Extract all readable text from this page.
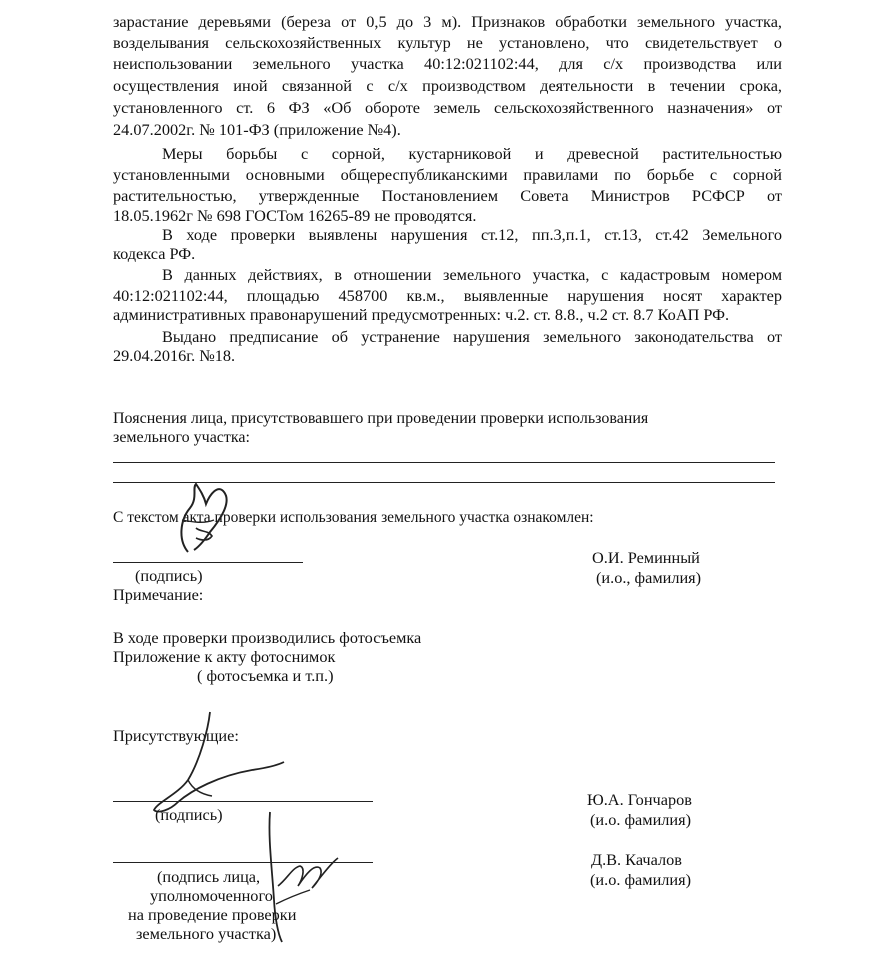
зарастание деревьями (береза от 0,5 до 3 м). Признаков обработки земельного участка,
возделывания сельскохозяйственных культур не установлено, что свидетельствует о
неиспользовании земельного участка 40:12:021102:44, для с/х производства или
осуществления иной связанной с с/х производством деятельности в течении срока,
установленного ст. 6 ФЗ «Об обороте земель сельскохозяйственного назначения» от
24.07.2002г. № 101-ФЗ (приложение №4).
Меры борьбы с сорной, кустарниковой и древесной растительностью
установленными основными общереспубликанскими правилами по борьбе с сорной
растительностью, утвержденные Постановлением Совета Министров РСФСР от
18.05.1962г № 698 ГОСТом 16265-89 не проводятся.
В ходе проверки выявлены нарушения ст.12, пп.3,п.1, ст.13, ст.42 Земельного
кодекса РФ.
В данных действиях, в отношении земельного участка, с кадастровым номером
40:12:021102:44, площадью 458700 кв.м., выявленные нарушения носят характер
административных правонарушений предусмотренных: ч.2. ст. 8.8., ч.2 ст. 8.7 КоАП РФ.
Выдано предписание об устранение нарушения земельного законодательства от
29.04.2016г. №18.
Пояснения лица, присутствовавшего при проведении проверки использования
земельного участка:
С текстом акта проверки использования земельного участка ознакомлен:
(подпись)
О.И. Реминный
(и.о., фамилия)
Примечание:
В ходе проверки производились фотосъемка
Приложение к акту фотоснимок
( фотосъемка и т.п.)
Присутствующие:
(подпись)
Ю.А. Гончаров
(и.о. фамилия)
(подпись лица,
уполномоченного
на проведение проверки
земельного участка)
Д.В. Качалов
(и.о. фамилия)
